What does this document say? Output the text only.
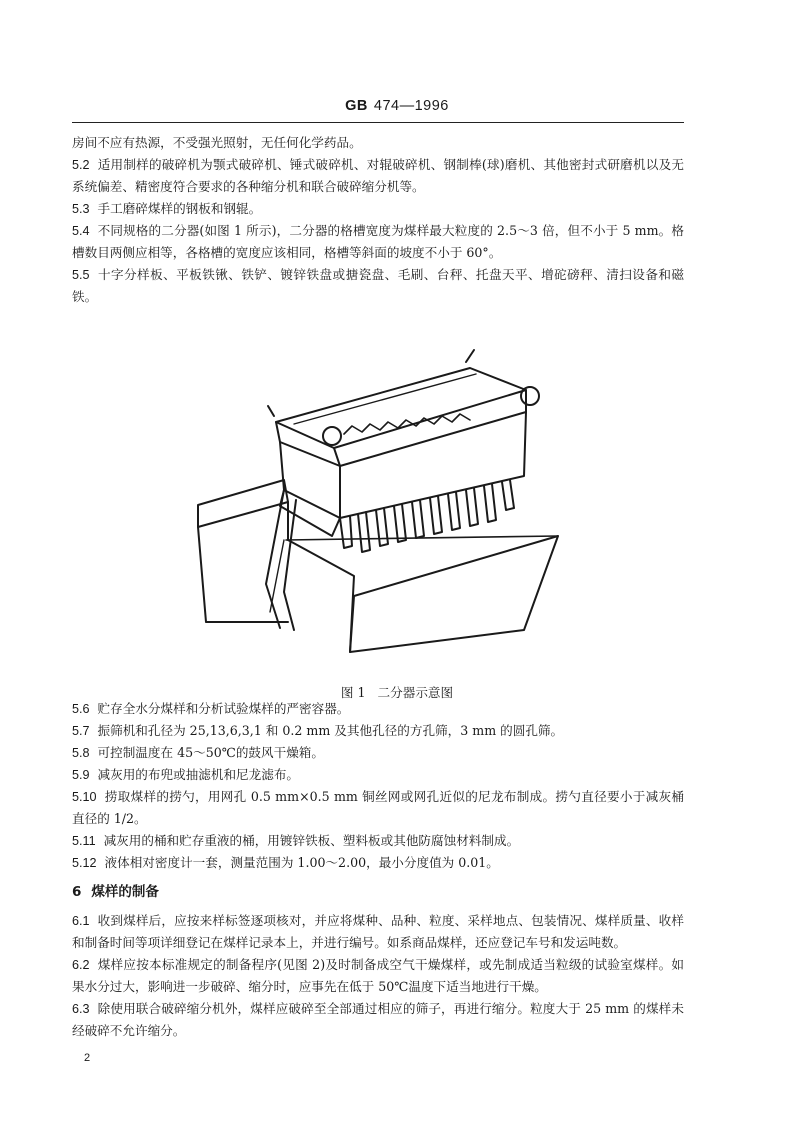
GB 474—1996

房间不应有热源，不受强光照射，无任何化学药品。

5.2 适用制样的破碎机为颚式破碎机、锤式破碎机、对辊破碎机、钢制棒(球)磨机、其他密封式研磨机以及无系统偏差、精密度符合要求的各种缩分机和联合破碎缩分机等。

5.3 手工磨碎煤样的钢板和钢辊。

5.4 不同规格的二分器(如图 1 所示)，二分器的格槽宽度为煤样最大粒度的 2.5～3 倍，但不小于 5 mm。格槽数目两侧应相等，各格槽的宽度应该相同，格槽等斜面的坡度不小于 60°。

5.5 十字分样板、平板铁锹、铁铲、镀锌铁盘或搪瓷盘、毛刷、台秤、托盘天平、增砣磅秤、清扫设备和磁铁。

图 1 二分器示意图

5.6 贮存全水分煤样和分析试验煤样的严密容器。

5.7 振筛机和孔径为 25,13,6,3,1 和 0.2 mm 及其他孔径的方孔筛，3 mm 的圆孔筛。

5.8 可控制温度在 45～50℃的鼓风干燥箱。

5.9 减灰用的布兜或抽滤机和尼龙滤布。

5.10 捞取煤样的捞勺，用网孔 0.5 mm×0.5 mm 铜丝网或网孔近似的尼龙布制成。捞勺直径要小于减灰桶直径的 1/2。

5.11 减灰用的桶和贮存重液的桶，用镀锌铁板、塑料板或其他防腐蚀材料制成。

5.12 液体相对密度计一套，测量范围为 1.00～2.00，最小分度值为 0.01。

6 煤样的制备

6.1 收到煤样后，应按来样标签逐项核对，并应将煤种、品种、粒度、采样地点、包装情况、煤样质量、收样和制备时间等项详细登记在煤样记录本上，并进行编号。如系商品煤样，还应登记车号和发运吨数。

6.2 煤样应按本标准规定的制备程序(见图 2)及时制备成空气干燥煤样，或先制成适当粒级的试验室煤样。如果水分过大，影响进一步破碎、缩分时，应事先在低于 50℃温度下适当地进行干燥。

6.3 除使用联合破碎缩分机外，煤样应破碎至全部通过相应的筛子，再进行缩分。粒度大于 25 mm 的煤样未经破碎不允许缩分。

2
